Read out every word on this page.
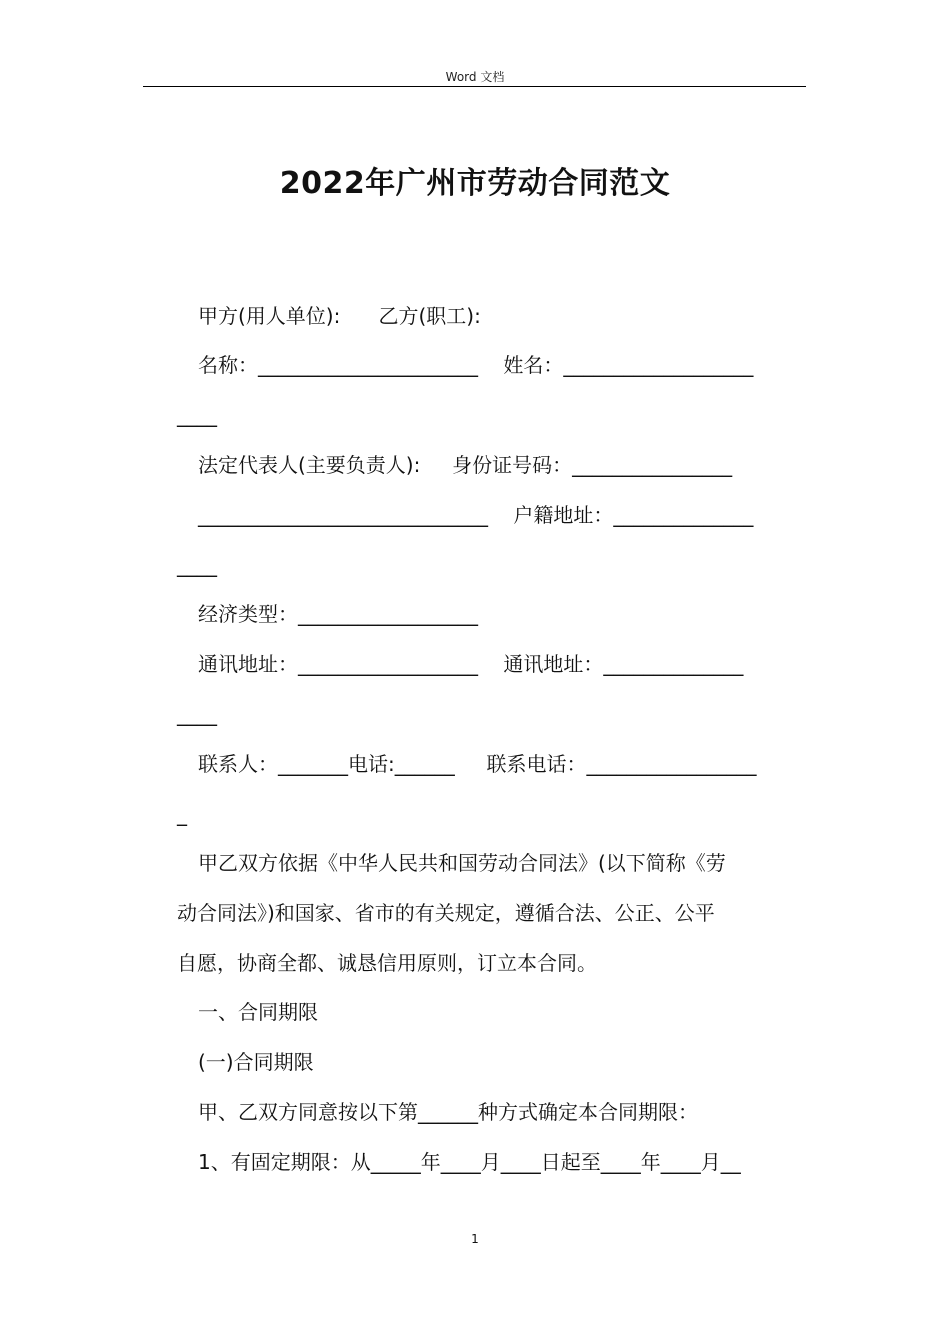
Word 文档
2022年广州市劳动合同范文
甲方(用人单位):      乙方(职工):
名称：______________________    姓名：___________________
____
法定代表人(主要负责人):     身份证号码：________________
_____________________________    户籍地址：______________
____
经济类型：__________________
通讯地址：__________________    通讯地址：______________
____
联系人：_______电话:______     联系电话：_________________
_
甲乙双方依据《中华人民共和国劳动合同法》(以下简称《劳
动合同法》)和国家、省市的有关规定，遵循合法、公正、公平
自愿，协商全都、诚恳信用原则，订立本合同。
一、合同期限
(一)合同期限
甲、乙双方同意按以下第______种方式确定本合同期限：
1、有固定期限：从_____年____月____日起至____年____月__
1
